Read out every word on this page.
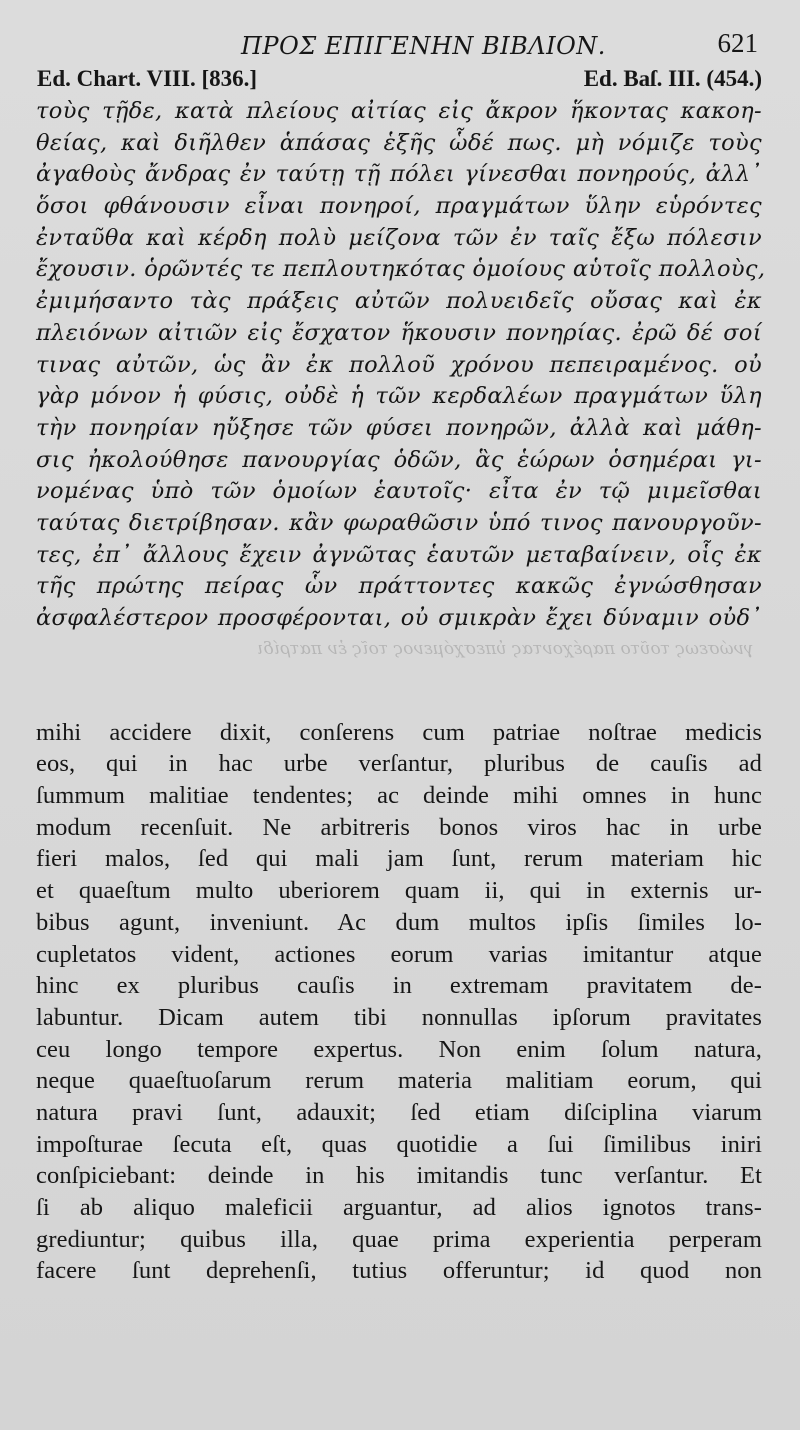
ΠΡΟΣ ΕΠΙΓΕΝΗΝ ΒΙΒΛΙΟΝ.	621
Ed. Chart. VIII. [836.]	Ed. Baſ. III. (454.)
τοὺς τῇδε, κατὰ πλείους αἰτίας εἰς ἄκρον ἥκοντας κακοη-
θείας, καὶ διῆλθεν ἁπάσας ἑξῆς ὧδέ πως. μὴ νόμιζε τοὺς
ἀγαθοὺς ἄνδρας ἐν ταύτῃ τῇ πόλει γίνεσθαι πονηρούς, ἀλλ᾽
ὅσοι φθάνουσιν εἶναι πονηροί, πραγμάτων ὕλην εὑρόντες
ἐνταῦθα καὶ κέρδη πολὺ μείζονα τῶν ἐν ταῖς ἔξω πόλεσιν
ἔχουσιν. ὁρῶντές τε πεπλουτηκότας ὁμοίους αὑτοῖς πολλοὺς,
ἐμιμήσαντο τὰς πράξεις αὐτῶν πολυειδεῖς οὔσας καὶ ἐκ
πλειόνων αἰτιῶν εἰς ἔσχατον ἥκουσιν πονηρίας. ἐρῶ δέ σοί
τινας αὐτῶν, ὡς ἂν ἐκ πολλοῦ χρόνου πεπειραμένος. οὐ
γὰρ μόνον ἡ φύσις, οὐδὲ ἡ τῶν κερδαλέων πραγμάτων ὕλη
τὴν πονηρίαν ηὔξησε τῶν φύσει πονηρῶν, ἀλλὰ καὶ μάθη-
σις ἠκολούθησε πανουργίας ὁδῶν, ἃς ἑώρων ὁσημέραι γι-
νομένας ὑπὸ τῶν ὁμοίων ἑαυτοῖς· εἶτα ἐν τῷ μιμεῖσθαι
ταύτας διετρίβησαν. κἂν φωραθῶσιν ὑπό τινος πανουργοῦν-
τες, ἐπ᾽ ἄλλους ἔχειν ἀγνῶτας ἑαυτῶν μεταβαίνειν, οἷς ἐκ
τῆς πρώτης πείρας ὧν πράττοντες κακῶς ἐγνώσθησαν
ἀσφαλέστερον προσφέρονται, οὐ σμικρὰν ἔχει δύναμιν οὐδ᾽
γνώσεως τοῦτο παρέχοντας ὑπεσχόμενος τοῖς ἐν πατρίδι
mihi accidere dixit, conſerens cum patriae noſtrae medicis
eos, qui in hac urbe verſantur, pluribus de cauſis ad
ſummum malitiae tendentes; ac deinde mihi omnes in hunc
modum recenſuit. Ne arbitreris bonos viros hac in urbe
fieri malos, ſed qui mali jam ſunt, rerum materiam hic
et quaeſtum multo uberiorem quam ii, qui in externis ur-
bibus agunt, inveniunt. Ac dum multos ipſis ſimiles lo-
cupletatos vident, actiones eorum varias imitantur atque
hinc ex pluribus cauſis in extremam pravitatem de-
labuntur. Dicam autem tibi nonnullas ipſorum pravitates
ceu longo tempore expertus. Non enim ſolum natura,
neque quaeſtuoſarum rerum materia malitiam eorum, qui
natura pravi ſunt, adauxit; ſed etiam diſciplina viarum
impoſturae ſecuta eſt, quas quotidie a ſui ſimilibus iniri
conſpiciebant: deinde in his imitandis tunc verſantur. Et
ſi ab aliquo maleficii arguantur, ad alios ignotos trans-
grediuntur; quibus illa, quae prima experientia perperam
facere ſunt deprehenſi, tutius offeruntur; id quod non
